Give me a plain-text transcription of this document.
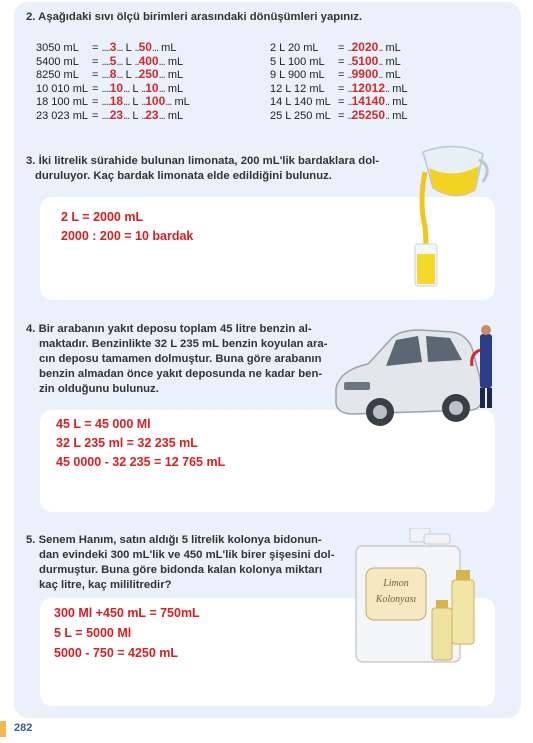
2. Aşağıdaki sıvı ölçü birimleri arasındaki dönüşümleri yapınız.
3050 mL = ....3... L ..50... mL
5400 mL = ....5... L ..400... mL
8250 mL = ....8... L ..250... mL
10 010 mL = ....10... L ..10... mL
18 100 mL = ....18... L ..100... mL
23 023 mL = ....23... L ..23... mL
2 L 20 mL = ..2020.. mL
5 L 100 mL = ..5100.. mL
9 L 900 mL = ..9900.. mL
12 L 12 mL = ..12012.. mL
14 L 140 mL = ..14140.. mL
25 L 250 mL = ..25250.. mL
3. İki litrelik sürahide bulunan limonata, 200 mL'lik bardaklara dol-
duruluyor. Kaç bardak limonata elde edildiğini bulunuz.
2 L = 2000 mL
2000 : 200 = 10 bardak
4. Bir arabanın yakıt deposu toplam 45 litre benzin al-
maktadır. Benzinlikte 32 L 235 mL benzin koyulan ara-
cın deposu tamamen dolmuştur. Buna göre arabanın
benzin almadan önce yakıt deposunda ne kadar ben-
zin olduğunu bulunuz.
45 L = 45 000 Ml
32 L 235 ml = 32 235 mL
45 0000 - 32 235 = 12 765 mL
5. Senem Hanım, satın aldığı 5 litrelik kolonya bidonun-
dan evindeki 300 mL'lik ve 450 mL'lik birer şişesini dol-
durmuştur. Buna göre bidonda kalan kolonya miktarı
kaç litre, kaç mililitredir?
300 Ml +450 mL = 750mL
5 L = 5000 Ml
5000 - 750 = 4250 mL
Limon
Kolonyası
282
